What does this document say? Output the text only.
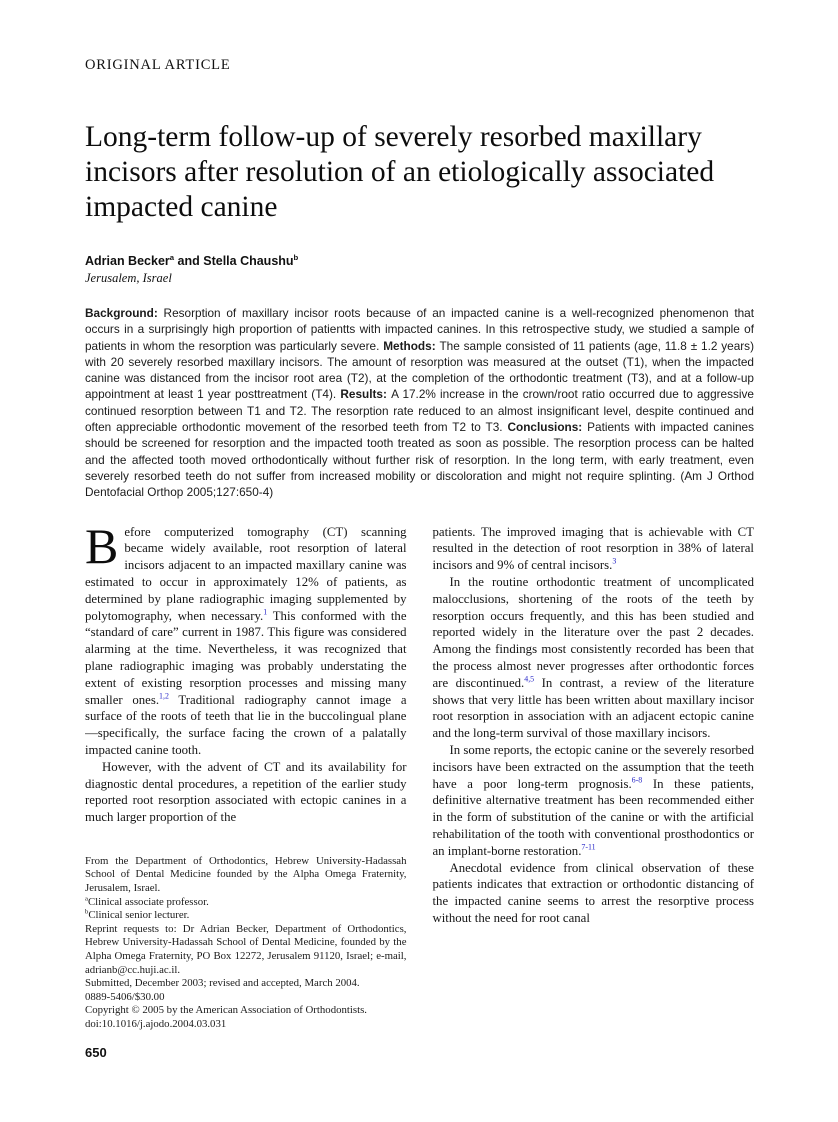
ORIGINAL ARTICLE
Long-term follow-up of severely resorbed maxillary incisors after resolution of an etiologically associated impacted canine
Adrian Becker$^a$ and Stella Chaushu$^b$
Jerusalem, Israel
Background: Resorption of maxillary incisor roots because of an impacted canine is a well-recognized phenomenon that occurs in a surprisingly high proportion of patientts with impacted canines. In this retrospective study, we studied a sample of patients in whom the resorption was particularly severe. Methods: The sample consisted of 11 patients (age, 11.8 ± 1.2 years) with 20 severely resorbed maxillary incisors. The amount of resorption was measured at the outset (T1), when the impacted canine was distanced from the incisor root area (T2), at the completion of the orthodontic treatment (T3), and at a follow-up appointment at least 1 year posttreatment (T4). Results: A 17.2% increase in the crown/root ratio occurred due to aggressive continued resorption between T1 and T2. The resorption rate reduced to an almost insignificant level, despite continued and often appreciable orthodontic movement of the resorbed teeth from T2 to T3. Conclusions: Patients with impacted canines should be screened for resorption and the impacted tooth treated as soon as possible. The resorption process can be halted and the affected tooth moved orthodontically without further risk of resorption. In the long term, with early treatment, even severely resorbed teeth do not suffer from increased mobility or discoloration and might not require splinting. (Am J Orthod Dentofacial Orthop 2005;127:650-4)

Before computerized tomography (CT) scanning became widely available, root resorption of lateral incisors adjacent to an impacted maxillary canine was estimated to occur in approximately 12% of patients, as determined by plane radiographic imaging supplemented by polytomography, when necessary.$^1$ This conformed with the “standard of care” current in 1987. This figure was considered alarming at the time. Nevertheless, it was recognized that plane radiographic imaging was probably understating the extent of existing resorption processes and missing many smaller ones.$^{1,2}$ Traditional radiography cannot image a surface of the roots of teeth that lie in the buccolingual plane—specifically, the surface facing the crown of a palatally impacted canine tooth.

However, with the advent of CT and its availability for diagnostic dental procedures, a repetition of the earlier study reported root resorption associated with ectopic canines in a much larger proportion of the

From the Department of Orthodontics, Hebrew University-Hadassah School of Dental Medicine founded by the Alpha Omega Fraternity, Jerusalem, Israel.

$^a$Clinical associate professor.

$^b$Clinical senior lecturer.

Reprint requests to: Dr Adrian Becker, Department of Orthodontics, Hebrew University-Hadassah School of Dental Medicine, founded by the Alpha Omega Fraternity, PO Box 12272, Jerusalem 91120, Israel; e-mail, adrianb@cc.huji.ac.il.

Submitted, December 2003; revised and accepted, March 2004.

0889-5406/$30.00

Copyright © 2005 by the American Association of Orthodontists.

doi:10.1016/j.ajodo.2004.03.031

patients. The improved imaging that is achievable with CT resulted in the detection of root resorption in 38% of lateral incisors and 9% of central incisors.$^3$

In the routine orthodontic treatment of uncomplicated malocclusions, shortening of the roots of the teeth by resorption occurs frequently, and this has been studied and reported widely in the literature over the past 2 decades. Among the findings most consistently recorded has been that the process almost never progresses after orthodontic forces are discontinued.$^{4,5}$ In contrast, a review of the literature shows that very little has been written about maxillary incisor root resorption in association with an adjacent ectopic canine and the long-term survival of those maxillary incisors.

In some reports, the ectopic canine or the severely resorbed incisors have been extracted on the assumption that the teeth have a poor long-term prognosis.$^{6-8}$ In these patients, definitive alternative treatment has been recommended either in the form of substitution of the canine or with the artificial rehabilitation of the tooth with conventional prosthodontics or an implant-borne restoration.$^{7-11}$

Anecdotal evidence from clinical observation of these patients indicates that extraction or orthodontic distancing of the impacted canine seems to arrest the resorptive process without the need for root canal

650
